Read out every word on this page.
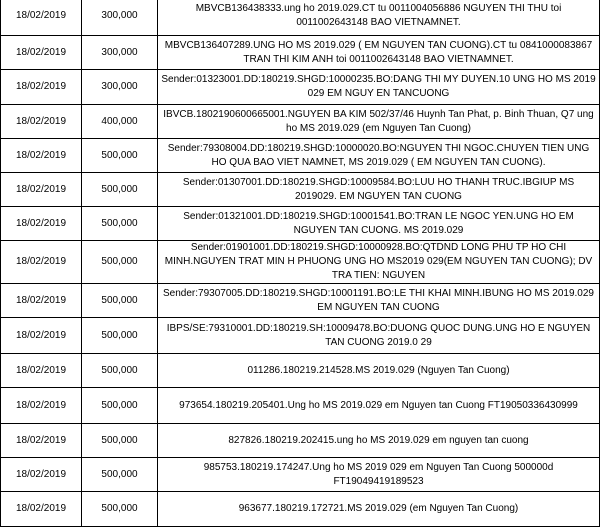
18/02/2019	300,000	MBVCB136438333.ung ho 2019.029.CT tu 0011004056886 NGUYEN THI THU toi 0011002643148 BAO VIETNAMNET.
18/02/2019	300,000	MBVCB136407289.UNG HO MS 2019.029 ( EM NGUYEN TAN CUONG).CT tu 0841000083867 TRAN THI KIM ANH toi 0011002643148 BAO VIETNAMNET.
18/02/2019	300,000	Sender:01323001.DD:180219.SHGD:10000235.BO:DANG THI MY DUYEN.10 UNG HO MS 2019 029 EM NGUY EN TANCUONG
18/02/2019	400,000	IBVCB.1802190600665001.NGUYEN BA KIM 502/37/46 Huynh Tan Phat, p. Binh Thuan, Q7 ung ho MS 2019.029 (em Nguyen Tan Cuong)
18/02/2019	500,000	Sender:79308004.DD:180219.SHGD:10000020.BO:NGUYEN THI NGOC.CHUYEN TIEN UNG HO QUA BAO VIET NAMNET, MS 2019.029 ( EM NGUYEN TAN CUONG).
18/02/2019	500,000	Sender:01307001.DD:180219.SHGD:10009584.BO:LUU HO THANH TRUC.IBGIUP MS 2019029. EM NGUYEN TAN CUONG
18/02/2019	500,000	Sender:01321001.DD:180219.SHGD:10001541.BO:TRAN LE NGOC YEN.UNG HO EM NGUYEN TAN CUONG. MS 2019.029
18/02/2019	500,000	Sender:01901001.DD:180219.SHGD:10000928.BO:QTDND LONG PHU TP HO CHI MINH.NGUYEN TRAT MIN H PHUONG UNG HO MS2019 029(EM NGUYEN TAN CUONG); DV TRA TIEN: NGUYEN
18/02/2019	500,000	Sender:79307005.DD:180219.SHGD:10001191.BO:LE THI KHAI MINH.IBUNG HO MS 2019.029 EM NGUYEN TAN CUONG
18/02/2019	500,000	IBPS/SE:79310001.DD:180219.SH:10009478.BO:DUONG QUOC DUNG.UNG HO E NGUYEN TAN CUONG 2019.0 29
18/02/2019	500,000	011286.180219.214528.MS 2019.029 (Nguyen Tan Cuong)
18/02/2019	500,000	973654.180219.205401.Ung ho MS 2019.029 em Nguyen tan Cuong FT19050336430999
18/02/2019	500,000	827826.180219.202415.ung ho MS 2019.029 em nguyen tan cuong
18/02/2019	500,000	985753.180219.174247.Ung ho MS 2019 029 em Nguyen Tan Cuong 500000d FT19049419189523
18/02/2019	500,000	963677.180219.172721.MS 2019.029 (em Nguyen Tan Cuong)
